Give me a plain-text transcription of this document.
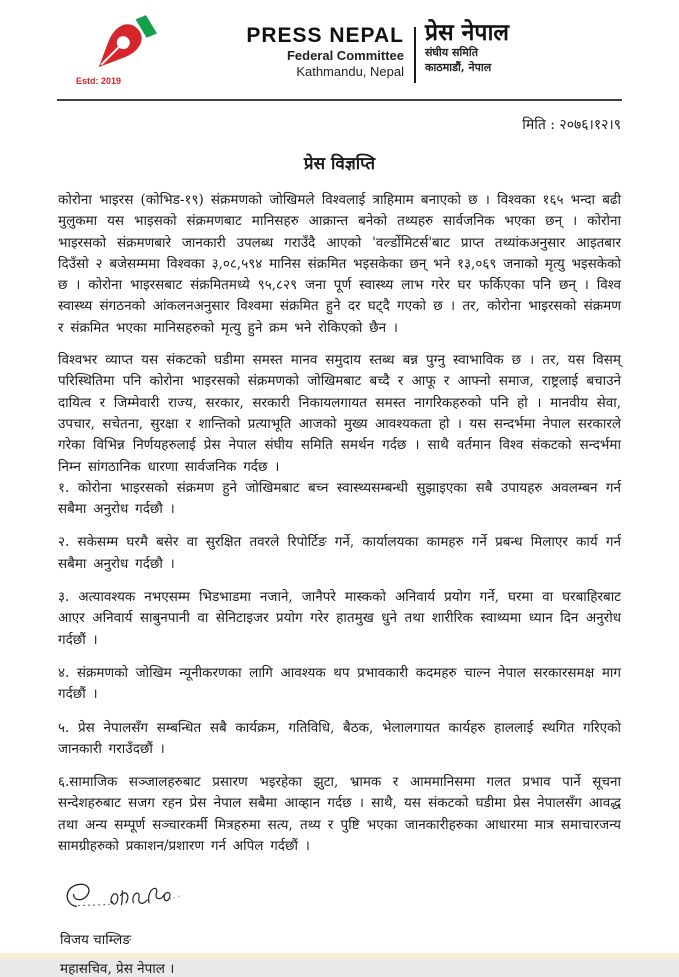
Estd: 2019
PRESS NEPAL
Federal Committee
Kathmandu, Nepal
प्रेस नेपाल
संघीय समिति
काठमाडौं, नेपाल
मिति : २०७६।१२।९
प्रेस विज्ञप्ति

कोरोना भाइरस (कोभिड-१९) संक्रमणको जोखिमले विश्वलाई त्राहिमाम बनाएको छ । विश्वका १६५ भन्दा बढी मुलुकमा यस भाइसको संक्रमणबाट मानिसहरु आक्रान्त बनेको तथ्यहरु सार्वजनिक भएका छन् । कोरोना भाइरसको संक्रमणबारे जानकारी उपलब्ध गराउँदै आएको 'वर्ल्डोमिटर्स'बाट प्राप्त तथ्यांकअनुसार आइतबार दिउँसो २ बजेसम्ममा विश्वका ३,०८,५९४ मानिस संक्रमित भइसकेका छन् भने १३,०६९ जनाको मृत्यु भइसकेको छ । कोरोना भाइरसबाट संक्रमितमध्ये ९५,८२९ जना पूर्ण स्वास्थ्य लाभ गरेर घर फर्किएका पनि छन् । विश्व स्वास्थ्य संगठनको आंकलनअनुसार विश्वमा संक्रमित हुने दर घट्दै गएको छ । तर, कोरोना भाइरसको संक्रमण र संक्रमित भएका मानिसहरुको मृत्यु हुने क्रम भने रोकिएको छैन ।

विश्वभर व्याप्त यस संकटको घडीमा समस्त मानव समुदाय स्तब्ध बन्न पुग्नु स्वाभाविक छ । तर, यस विसम् परिस्थितिमा पनि कोरोना भाइरसको संक्रमणको जोखिमबाट बच्दै र आफू र आफ्नो समाज, राष्ट्रलाई बचाउने दायित्व र जिम्मेवारी राज्य, सरकार, सरकारी निकायलगायत समस्त नागरिकहरुको पनि हो । मानवीय सेवा, उपचार, सचेतना, सुरक्षा र शान्तिको प्रत्याभूति आजको मुख्य आवश्यकता हो । यस सन्दर्भमा नेपाल सरकारले गरेका विभिन्न निर्णयहरुलाई प्रेस नेपाल संघीय समिति समर्थन गर्दछ । साथै वर्तमान विश्व संकटको सन्दर्भमा निम्न सांगठानिक धारणा सार्वजनिक गर्दछ ।

१. कोरोना भाइरसको संक्रमण हुने जोखिमबाट बच्न स्वास्थ्यसम्बन्धी सुझाइएका सबै उपायहरु अवलम्बन गर्न सबैमा अनुरोध गर्दछौ ।

२. सकेसम्म घरमै बसेर वा सुरक्षित तवरले रिपोर्टिङ गर्ने, कार्यालयका कामहरु गर्ने प्रबन्ध मिलाएर कार्य गर्न सबैमा अनुरोध गर्दछौ ।

३. अत्यावश्यक नभएसम्म भिडभाडमा नजाने, जानैपरे मास्कको अनिवार्य प्रयोग गर्ने, घरमा वा घरबाहिरबाट आएर अनिवार्य साबुनपानी वा सेनिटाइजर प्रयोग गरेर हातमुख धुने तथा शारीरिक स्वाथ्यमा ध्यान दिन अनुरोध गर्दछौं ।

४. संक्रमणको जोखिम न्यूनीकरणका लागि आवश्यक थप प्रभावकारी कदमहरु चाल्न नेपाल सरकारसमक्ष माग गर्दछौं ।

५. प्रेस नेपालसँग सम्बन्धित सबै कार्यक्रम, गतिविधि, बैठक, भेलालगायत कार्यहरु हाललाई स्थगित गरिएको जानकारी गराउँदछौं ।

६.सामाजिक सञ्जालहरुबाट प्रसारण भइरहेका झुटा, भ्रामक र आममानिसमा गलत प्रभाव पार्ने सूचना सन्देशहरुबाट सजग रहन प्रेस नेपाल सबैमा आव्हान गर्दछ । साथै, यस संकटको घडीमा प्रेस नेपालसँग आवद्ध तथा अन्य सम्पूर्ण सञ्चारकर्मी मित्रहरुमा सत्य, तथ्य र पुष्टि भएका जानकारीहरुका आधारमा मात्र समाचारजन्य सामग्रीहरुको प्रकाशन/प्रशारण गर्न अपिल गर्दछौं ।

विजय चाम्लिङ
महासचिव, प्रेस नेपाल ।
